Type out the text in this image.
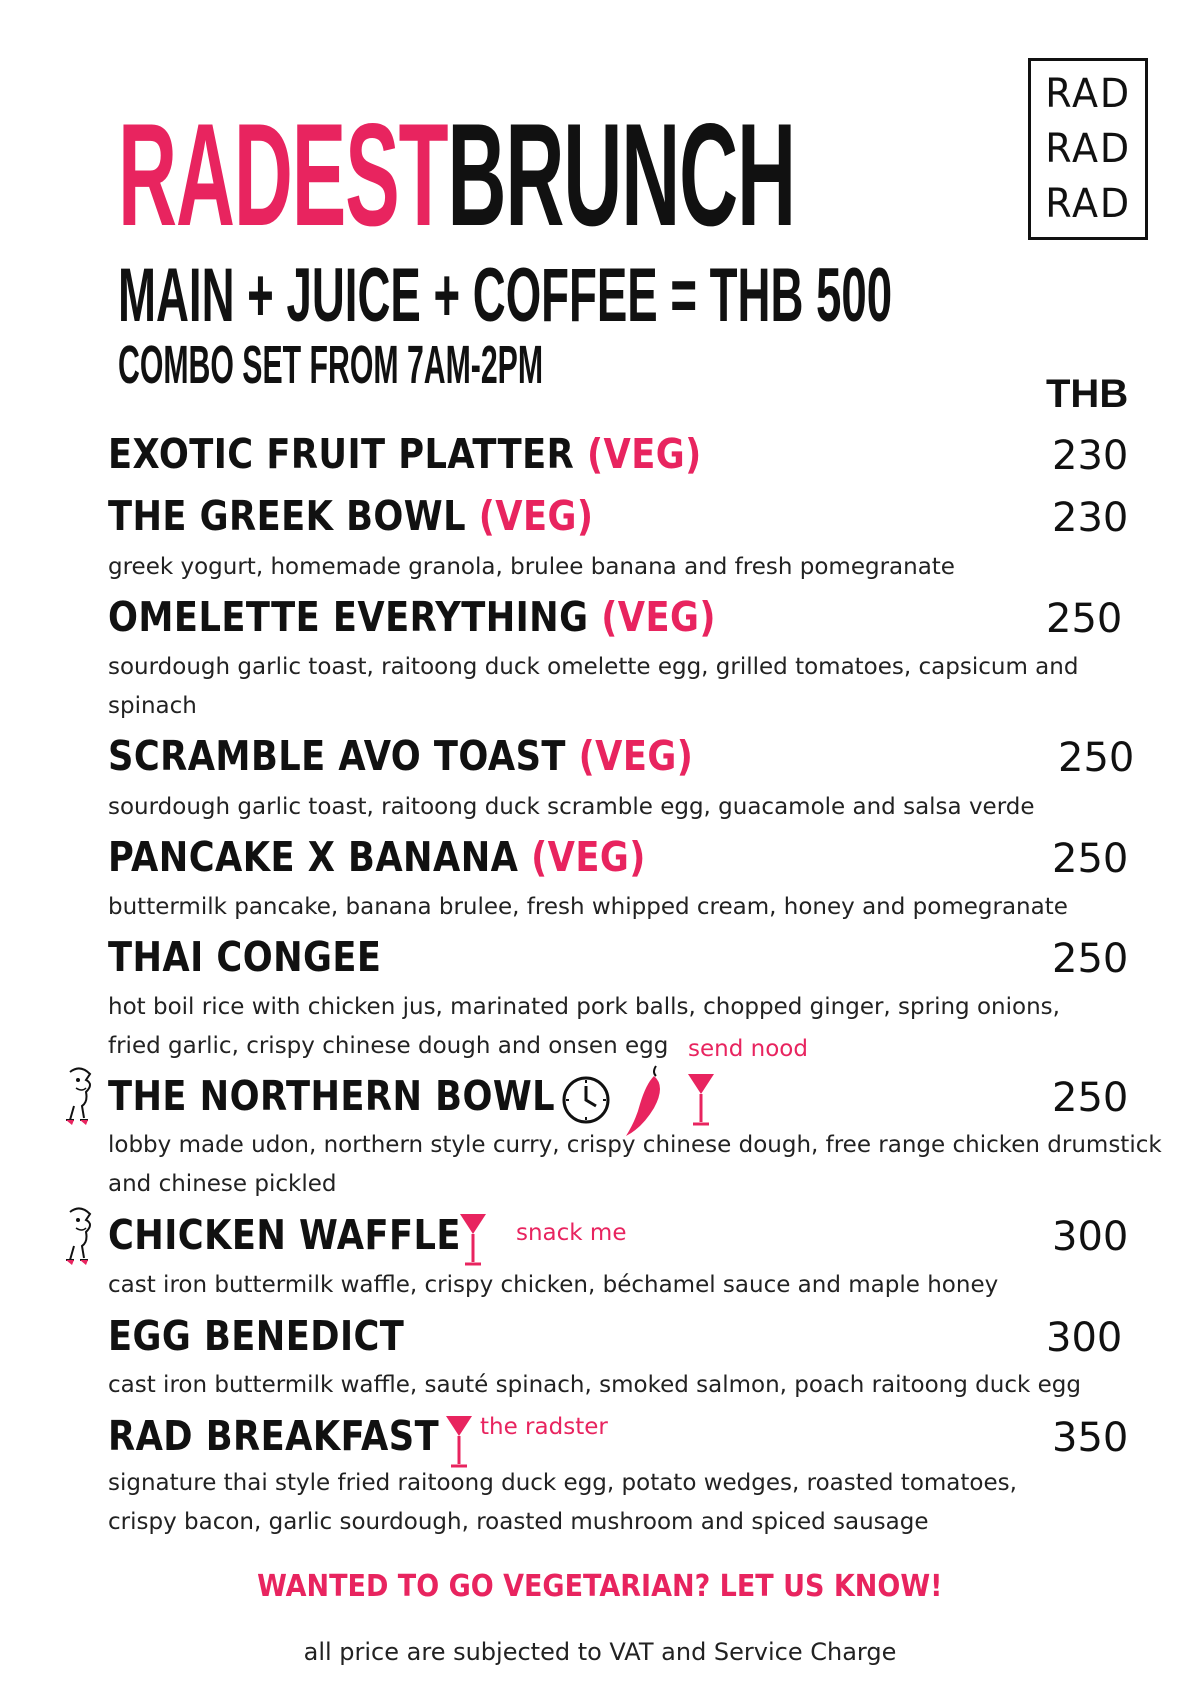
RAD
RAD
RAD
RADESTBRUNCH
MAIN + JUICE + COFFEE = THB 500
COMBO SET FROM 7AM-2PM	THB
EXOTIC FRUIT PLATTER (VEG)	230
THE GREEK BOWL (VEG)	230
greek yogurt, homemade granola, brulee banana and fresh pomegranate
OMELETTE EVERYTHING (VEG)	250
sourdough garlic toast, raitoong duck omelette egg, grilled tomatoes, capsicum and spinach
SCRAMBLE AVO TOAST (VEG)	250
sourdough garlic toast, raitoong duck scramble egg, guacamole and salsa verde
PANCAKE X BANANA (VEG)	250
buttermilk pancake, banana brulee, fresh whipped cream, honey and pomegranate
THAI CONGEE	250
hot boil rice with chicken jus, marinated pork balls, chopped ginger, spring onions, fried garlic, crispy chinese dough and onsen egg send nood
THE NORTHERN BOWL	250
lobby made udon, northern style curry, crispy chinese dough, free range chicken drumstick and chinese pickled
CHICKEN WAFFLE snack me	300
cast iron buttermilk waffle, crispy chicken, béchamel sauce and maple honey
EGG BENEDICT	300
cast iron buttermilk waffle, sauté spinach, smoked salmon, poach raitoong duck egg
RAD BREAKFAST the radster	350
signature thai style fried raitoong duck egg, potato wedges, roasted tomatoes, crispy bacon, garlic sourdough, roasted mushroom and spiced sausage
WANTED TO GO VEGETARIAN? LET US KNOW!
all price are subjected to VAT and Service Charge
